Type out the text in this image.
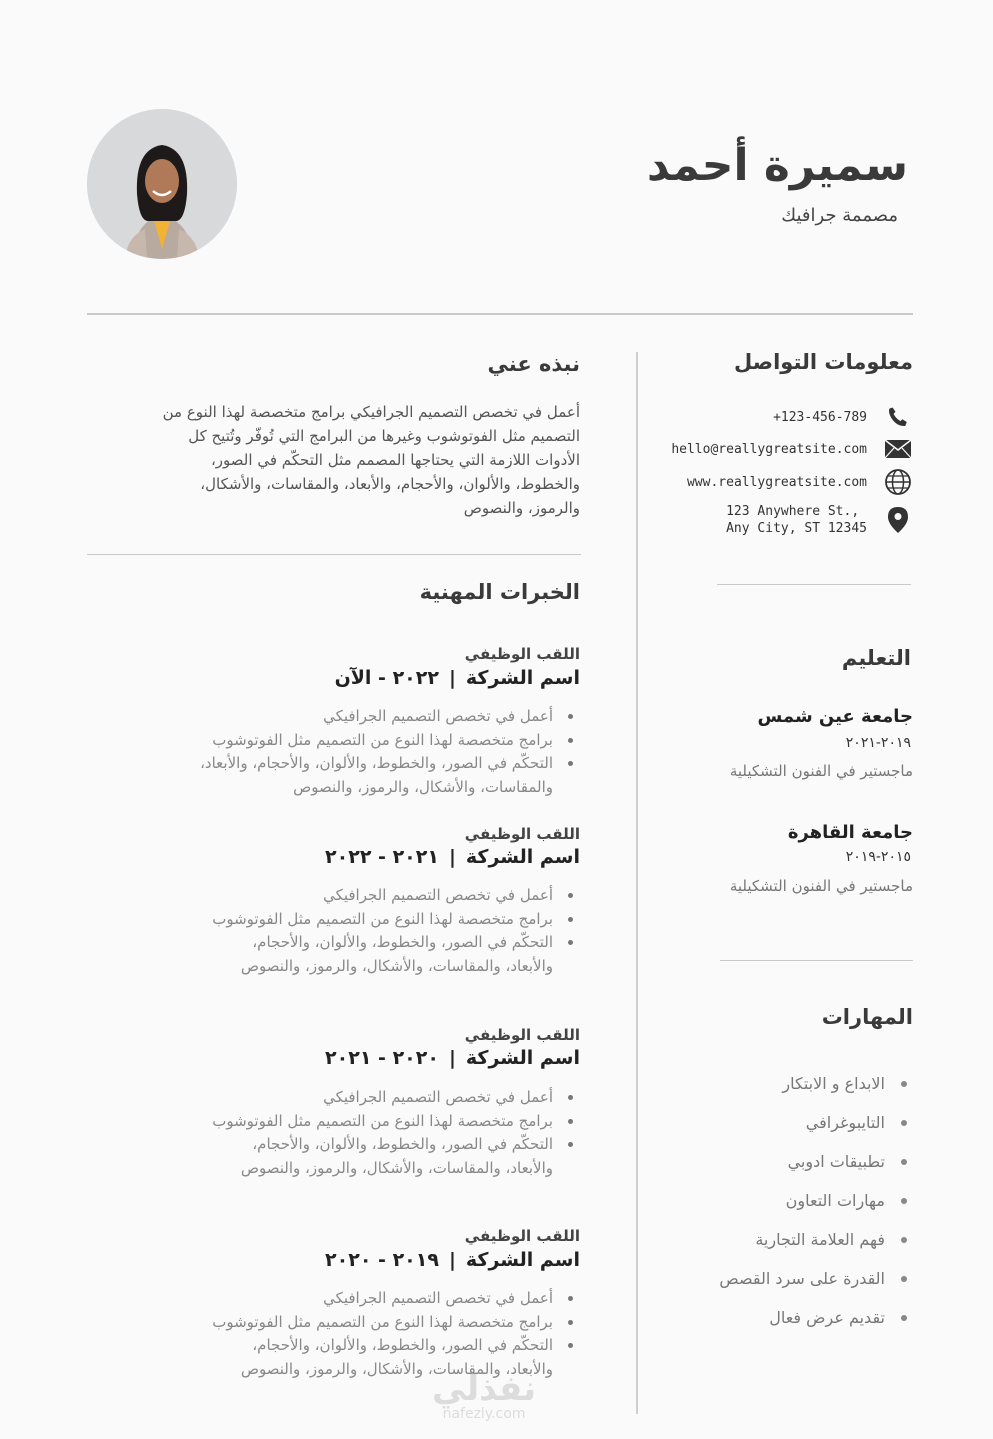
سميرة أحمد
مصممة جرافيك
معلومات التواصل
+123-456-789
hello@reallygreatsite.com
www.reallygreatsite.com
123 Anywhere St.,
Any City, ST 12345
التعليم
جامعة عين شمس
٢٠١٩-٢٠٢١
ماجستير في الفنون التشكيلية
جامعة القاهرة
٢٠١٥-٢٠١٩
ماجستير في الفنون التشكيلية
المهارات
الابداع و الابتكار
التايبوغرافي
تطبيقات ادوبي
مهارات التعاون
فهم العلامة التجارية
القدرة على سرد القصص
تقديم عرض فعال
نبذه عني

أعمل في تخصص التصميم الجرافيكي برامج متخصصة لهذا النوع من
التصميم مثل الفوتوشوب وغيرها من البرامج التي تُوفّر وتُتيح كل
الأدوات اللازمة التي يحتاجها المصمم مثل التحكّم في الصور،
والخطوط، والألوان، والأحجام، والأبعاد، والمقاسات، والأشكال،
والرموز، والنصوص

الخبرات المهنية
اللقب الوظيفي
اسم الشركة|٢٠٢٢ - الآن
أعمل في تخصص التصميم الجرافيكي
برامج متخصصة لهذا النوع من التصميم مثل الفوتوشوب
التحكّم في الصور، والخطوط، والألوان، والأحجام، والأبعاد،
والمقاسات، والأشكال، والرموز، والنصوص
اللقب الوظيفي
اسم الشركة|٢٠٢١ - ٢٠٢٢
أعمل في تخصص التصميم الجرافيكي
برامج متخصصة لهذا النوع من التصميم مثل الفوتوشوب
التحكّم في الصور، والخطوط، والألوان، والأحجام،
والأبعاد، والمقاسات، والأشكال، والرموز، والنصوص
اللقب الوظيفي
اسم الشركة|٢٠٢٠ - ٢٠٢١
أعمل في تخصص التصميم الجرافيكي
برامج متخصصة لهذا النوع من التصميم مثل الفوتوشوب
التحكّم في الصور، والخطوط، والألوان، والأحجام،
والأبعاد، والمقاسات، والأشكال، والرموز، والنصوص
اللقب الوظيفي
اسم الشركة|٢٠١٩ - ٢٠٢٠
أعمل في تخصص التصميم الجرافيكي
برامج متخصصة لهذا النوع من التصميم مثل الفوتوشوب
التحكّم في الصور، والخطوط، والألوان، والأحجام،
والأبعاد، والمقاسات، والأشكال، والرموز، والنصوص
نفذلي
nafezly.com
